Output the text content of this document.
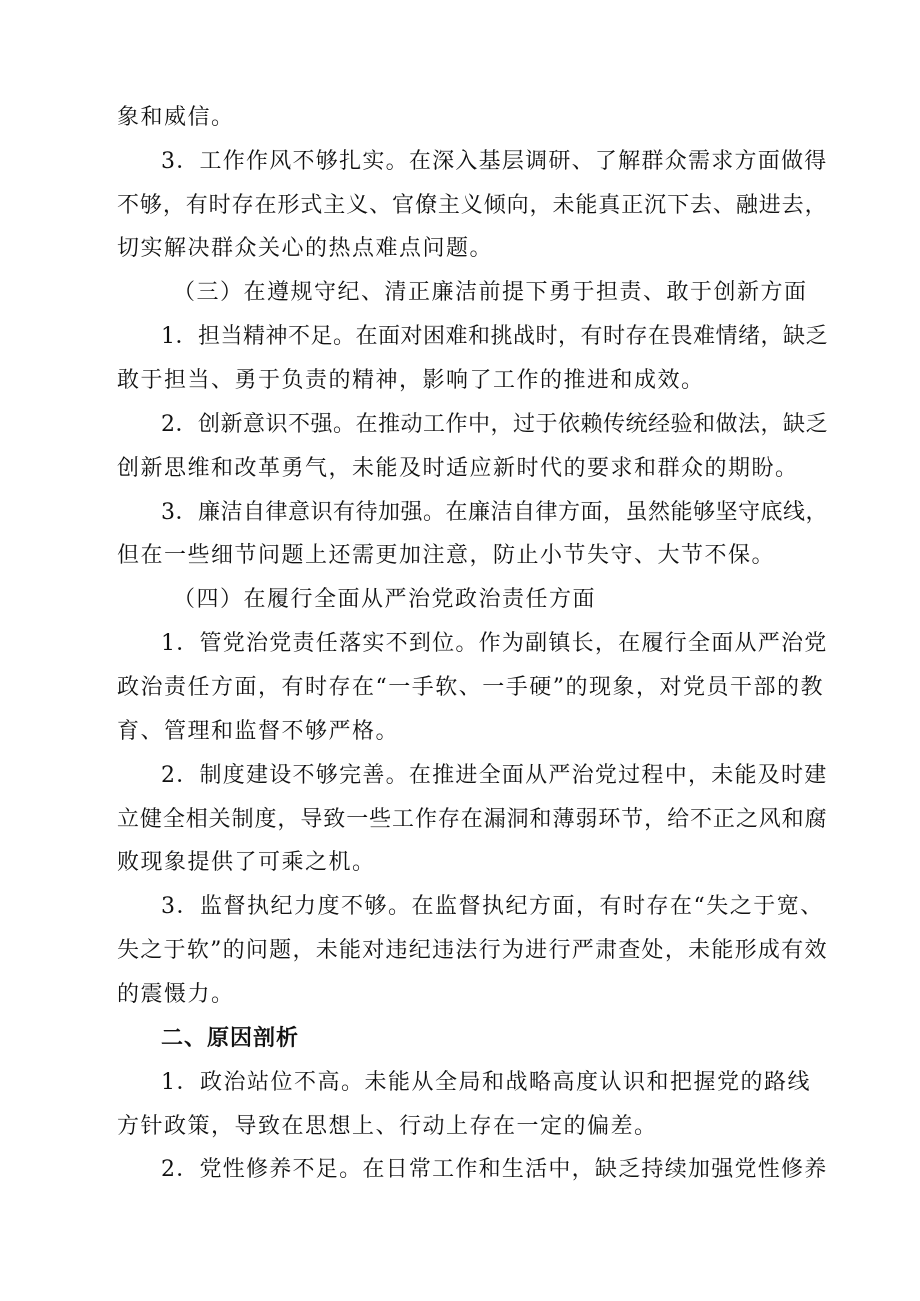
象和威信。
3．工作作风不够扎实。在深入基层调研、了解群众需求方面做得
不够，有时存在形式主义、官僚主义倾向，未能真正沉下去、融进去，
切实解决群众关心的热点难点问题。
（三）在遵规守纪、清正廉洁前提下勇于担责、敢于创新方面
1．担当精神不足。在面对困难和挑战时，有时存在畏难情绪，缺乏
敢于担当、勇于负责的精神，影响了工作的推进和成效。
2．创新意识不强。在推动工作中，过于依赖传统经验和做法，缺乏
创新思维和改革勇气，未能及时适应新时代的要求和群众的期盼。
3．廉洁自律意识有待加强。在廉洁自律方面，虽然能够坚守底线，
但在一些细节问题上还需更加注意，防止小节失守、大节不保。
（四）在履行全面从严治党政治责任方面
1．管党治党责任落实不到位。作为副镇长，在履行全面从严治党
政治责任方面，有时存在“一手软、一手硬”的现象，对党员干部的教
育、管理和监督不够严格。
2．制度建设不够完善。在推进全面从严治党过程中，未能及时建
立健全相关制度，导致一些工作存在漏洞和薄弱环节，给不正之风和腐
败现象提供了可乘之机。
3．监督执纪力度不够。在监督执纪方面，有时存在“失之于宽、
失之于软”的问题，未能对违纪违法行为进行严肃查处，未能形成有效
的震慑力。
二、原因剖析
1．政治站位不高。未能从全局和战略高度认识和把握党的路线
方针政策，导致在思想上、行动上存在一定的偏差。
2．党性修养不足。在日常工作和生活中，缺乏持续加强党性修养
